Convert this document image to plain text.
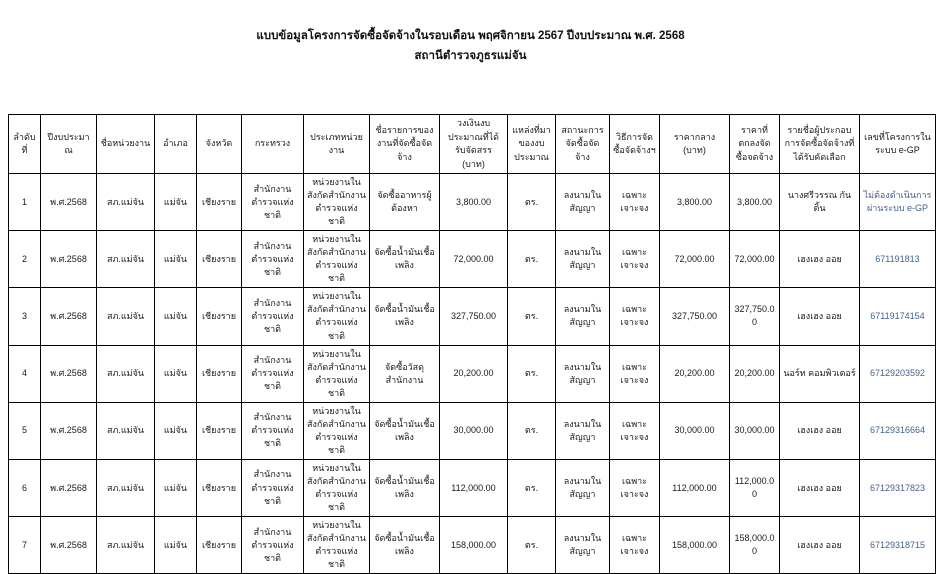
แบบข้อมูลโครงการจัดซื้อจัดจ้างในรอบเดือน พฤศจิกายน 2567 ปีงบประมาณ พ.ศ. 2568
สถานีตำรวจภูธรแม่จัน
ลำดับที่	ปีงบประมาณ	ชื่อหน่วยงาน	อำเภอ	จังหวัด	กระทรวง	ประเภทหน่วยงาน	ชื่อรายการของงานที่จัดซื้อจัดจ้าง	วงเงินงบประมาณที่ได้รับจัดสรร (บาท)	แหล่งที่มาของงบประมาณ	สถานะการจัดซื้อจัดจ้าง	วิธีการจัดซื้อจัดจ้างฯ	ราคากลาง (บาท)	ราคาที่ตกลงจัดซื้อจดจ้าง	รายชื่อผู้ประกอบการจัดซื้อจัดจ้างที่ได้รับคัดเลือก	เลขที่โครงการในระบบ e-GP
1	พ.ศ.2568	สภ.แม่จัน	แม่จัน	เชียงราย	สำนักงานตำรวจแห่งชาติ	หน่วยงานในสังกัดสำนักงานตำรวจแห่งชาติ	จัดซื้ออาหารผู้ต้องหา	3,800.00	ตร.	ลงนามในสัญญา	เฉพาะเจาะจง	3,800.00	3,800.00	นางศรีวรรณ กันติ้น	ไม่ต้องดำเนินการผ่านระบบ e-GP
2	พ.ศ.2568	สภ.แม่จัน	แม่จัน	เชียงราย	สำนักงานตำรวจแห่งชาติ	หน่วยงานในสังกัดสำนักงานตำรวจแห่งชาติ	จัดซื้อน้ำมันเชื้อเพลิง	72,000.00	ตร.	ลงนามในสัญญา	เฉพาะเจาะจง	72,000.00	72,000.00	เฮงเฮง ออย	671191813
3	พ.ศ.2568	สภ.แม่จัน	แม่จัน	เชียงราย	สำนักงานตำรวจแห่งชาติ	หน่วยงานในสังกัดสำนักงานตำรวจแห่งชาติ	จัดซื้อน้ำมันเชื้อเพลิง	327,750.00	ตร.	ลงนามในสัญญา	เฉพาะเจาะจง	327,750.00	327,750.00	เฮงเฮง ออย	67119174154
4	พ.ศ.2568	สภ.แม่จัน	แม่จัน	เชียงราย	สำนักงานตำรวจแห่งชาติ	หน่วยงานในสังกัดสำนักงานตำรวจแห่งชาติ	จัดซื้อวัสดุสำนักงาน	20,200.00	ตร.	ลงนามในสัญญา	เฉพาะเจาะจง	20,200.00	20,200.00	นอร์ท คอมพิวเตอร์	67129203592
5	พ.ศ.2568	สภ.แม่จัน	แม่จัน	เชียงราย	สำนักงานตำรวจแห่งชาติ	หน่วยงานในสังกัดสำนักงานตำรวจแห่งชาติ	จัดซื้อน้ำมันเชื้อเพลิง	30,000.00	ตร.	ลงนามในสัญญา	เฉพาะเจาะจง	30,000.00	30,000.00	เฮงเฮง ออย	67129316664
6	พ.ศ.2568	สภ.แม่จัน	แม่จัน	เชียงราย	สำนักงานตำรวจแห่งชาติ	หน่วยงานในสังกัดสำนักงานตำรวจแห่งชาติ	จัดซื้อน้ำมันเชื้อเพลิง	112,000.00	ตร.	ลงนามในสัญญา	เฉพาะเจาะจง	112,000.00	112,000.00	เฮงเฮง ออย	67129317823
7	พ.ศ.2568	สภ.แม่จัน	แม่จัน	เชียงราย	สำนักงานตำรวจแห่งชาติ	หน่วยงานในสังกัดสำนักงานตำรวจแห่งชาติ	จัดซื้อน้ำมันเชื้อเพลิง	158,000.00	ตร.	ลงนามในสัญญา	เฉพาะเจาะจง	158,000.00	158,000.00	เฮงเฮง ออย	67129318715
